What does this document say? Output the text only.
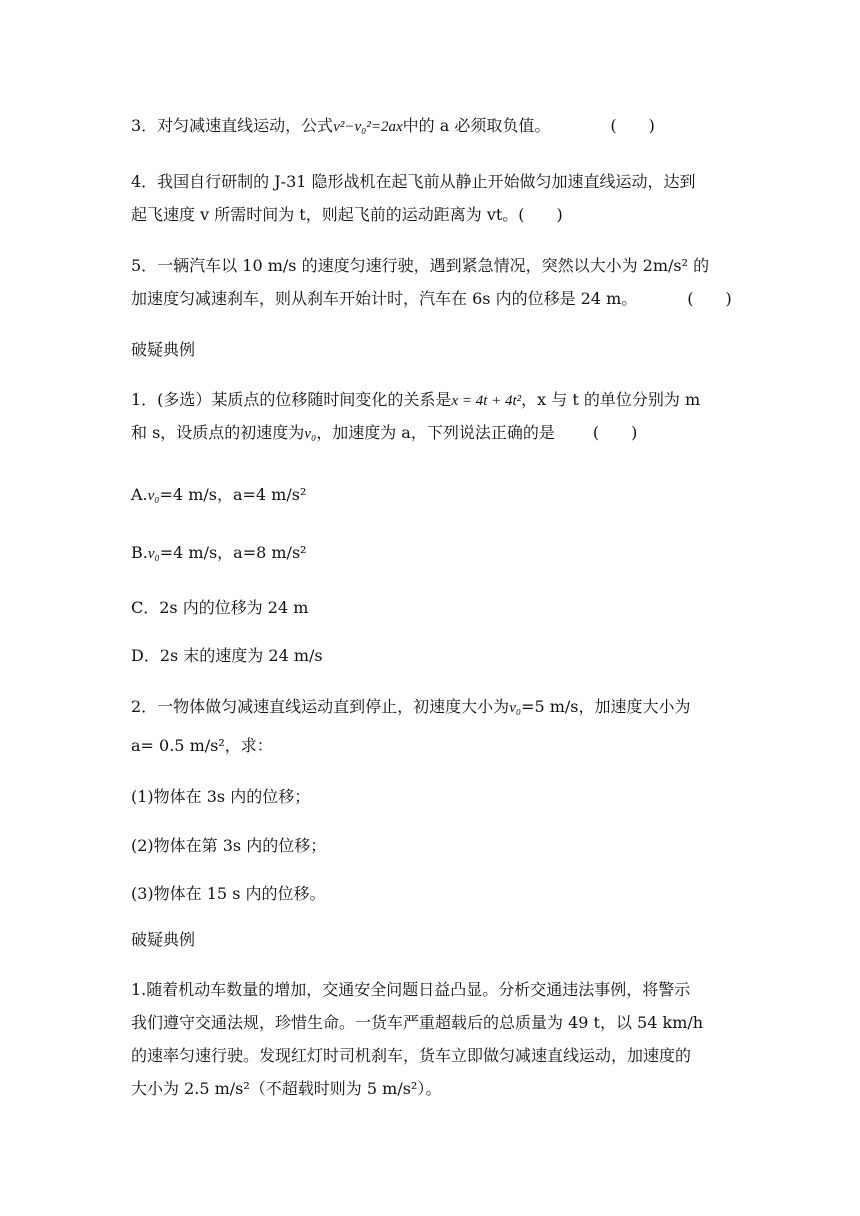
3．对匀减速直线运动，公式v²−v₀²=2ax中的 a 必须取负值。	(　　)
4．我国自行研制的 J-31 隐形战机在起飞前从静止开始做匀加速直线运动，达到
起飞速度 v 所需时间为 t，则起飞前的运动距离为 vt。(　　)
5．一辆汽车以 10 m/s 的速度匀速行驶，遇到紧急情况，突然以大小为 2m/s² 的
加速度匀减速刹车，则从刹车开始计时，汽车在 6s 内的位移是 24 m。	(　　)
破疑典例
1．(多选）某质点的位移随时间变化的关系是x = 4t + 4t²，x 与 t 的单位分别为 m
和 s，设质点的初速度为v₀，加速度为 a，下列说法正确的是 (　　)
A.v₀=4 m/s，a=4 m/s²
B.v₀=4 m/s，a=8 m/s²
C．2s 内的位移为 24 m
D．2s 末的速度为 24 m/s
2．一物体做匀减速直线运动直到停止，初速度大小为v₀=5 m/s，加速度大小为
a= 0.5 m/s²，求：
(1)物体在 3s 内的位移；
(2)物体在第 3s 内的位移；
(3)物体在 15 s 内的位移。
破疑典例
1.随着机动车数量的增加，交通安全问题日益凸显。分析交通违法事例，将警示
我们遵守交通法规，珍惜生命。一货车严重超载后的总质量为 49 t，以 54 km/h
的速率匀速行驶。发现红灯时司机刹车，货车立即做匀减速直线运动，加速度的
大小为 2.5 m/s²（不超载时则为 5 m/s²）。
